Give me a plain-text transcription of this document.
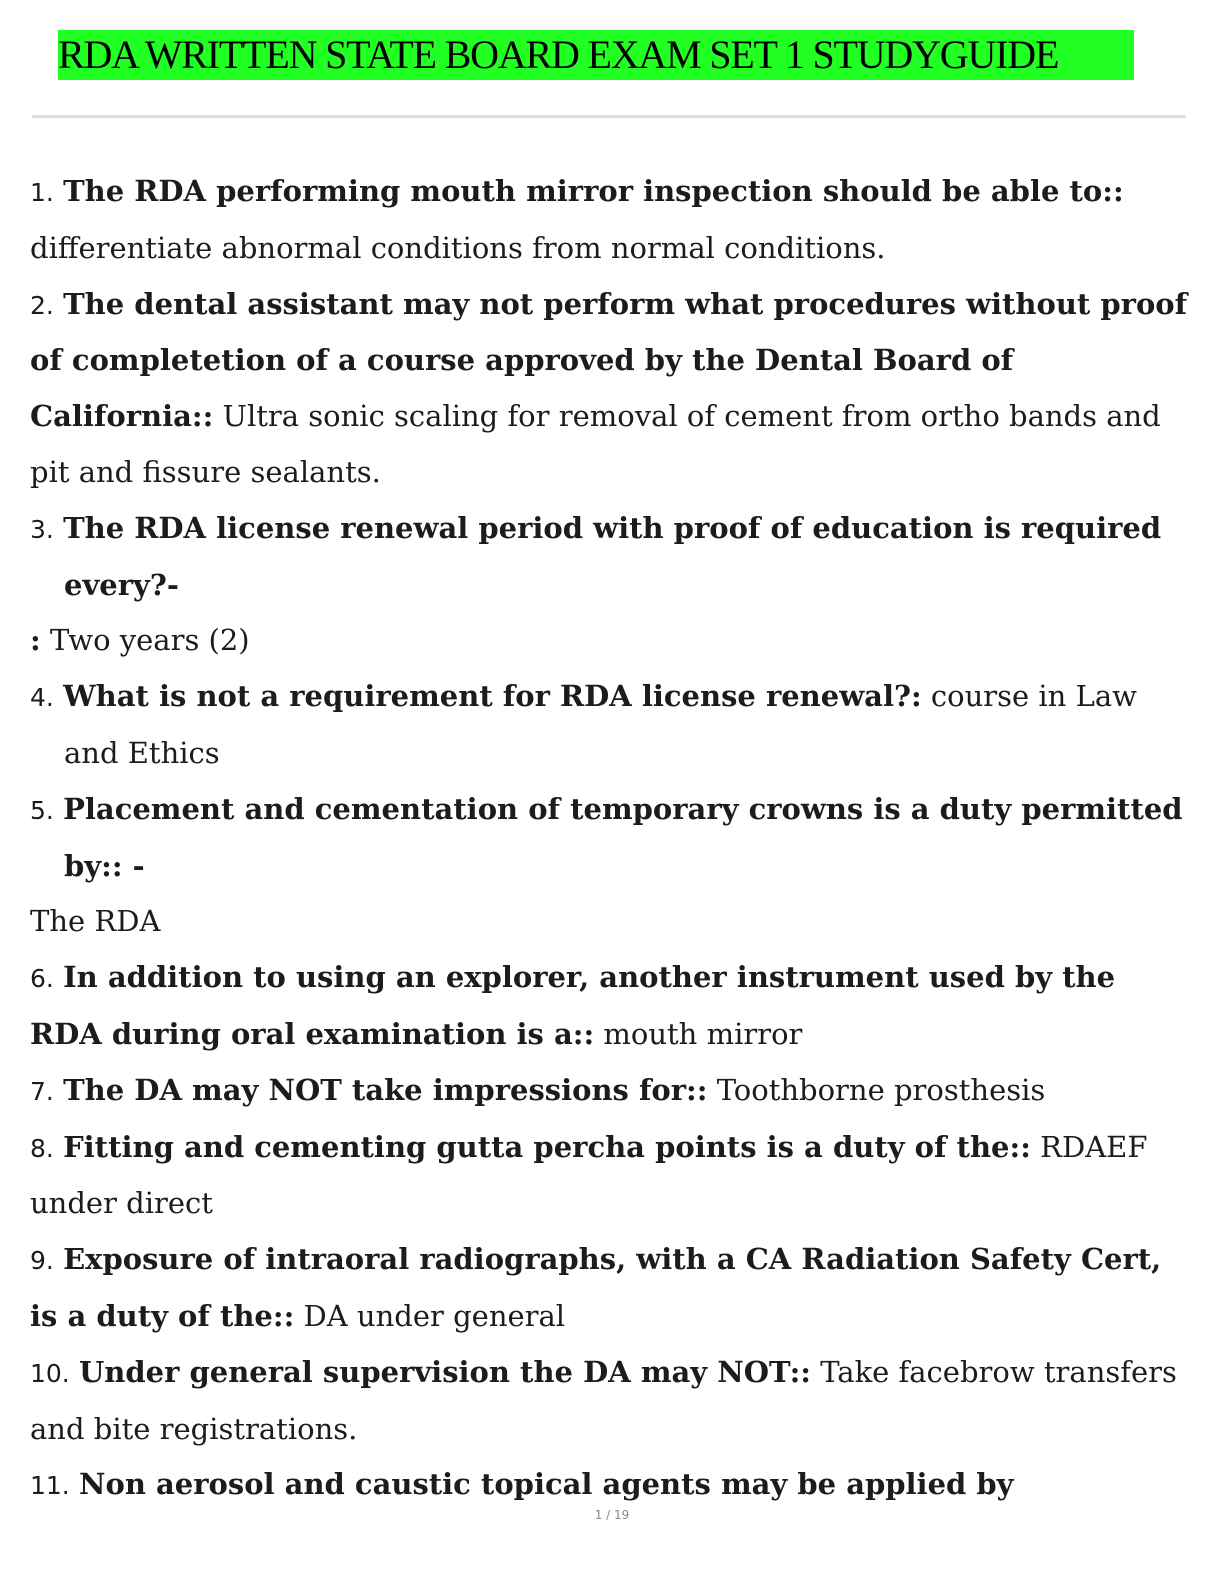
RDA WRITTEN STATE BOARD EXAM SET 1 STUDYGUIDE

1. The RDA performing mouth mirror inspection should be able to:: differentiate abnormal conditions from normal conditions.

2. The dental assistant may not perform what procedures without proof of completetion of a course approved by the Dental Board of California:: Ultra sonic scaling for removal of cement from ortho bands and pit and fissure sealants.

3. The RDA license renewal period with proof of education is required every?-

: Two years (2)

4. What is not a requirement for RDA license renewal?: course in Law and Ethics

5. Placement and cementation of temporary crowns is a duty permitted by:: -

The RDA

6. In addition to using an explorer, another instrument used by the RDA during oral examination is a:: mouth mirror

7. The DA may NOT take impressions for:: Toothborne prosthesis

8. Fitting and cementing gutta percha points is a duty of the:: RDAEF under direct

9. Exposure of intraoral radiographs, with a CA Radiation Safety Cert, is a duty of the:: DA under general

10. Under general supervision the DA may NOT:: Take facebrow transfers and bite registrations.

11. Non aerosol and caustic topical agents may be applied by

1 / 19
